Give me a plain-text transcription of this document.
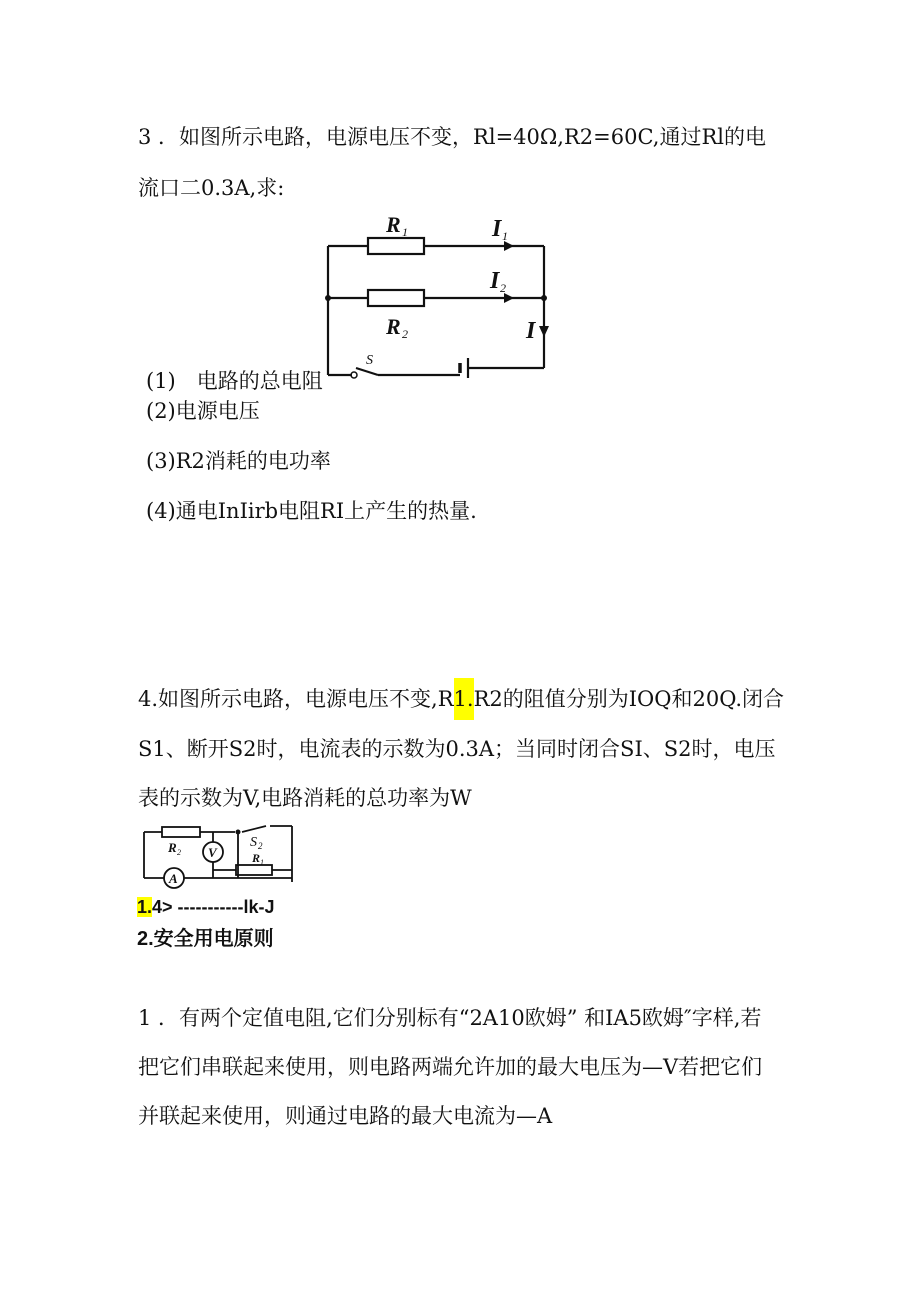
3 ．如图所示电路，电源电压不变，Rl=40Ω,R2=60C,通过Rl的电
流口二0.3A,求:
R 1	I 1
I 2
R 2	I
S
(1)　电路的总电阻
(2)电源电压
(3)R2消耗的电功率
(4)通电InIirb电阻RI上产生的热量.
4.如图所示电路，电源电压不变,R1.R2的阻值分别为IOQ和20Q.闭合
S1、断开S2时，电流表的示数为0.3A；当同时闭合SI、S2时，电压
表的示数为V,电路消耗的总功率为W
V
A
R 2
S 2
R 1
1.4> -----------lk-J
2.安全用电原则
1 ．有两个定值电阻,它们分别标有“2A10欧姆” 和IA5欧姆″字样,若
把它们串联起来使用，则电路两端允许加的最大电压为—V若把它们
并联起来使用，则通过电路的最大电流为—A
